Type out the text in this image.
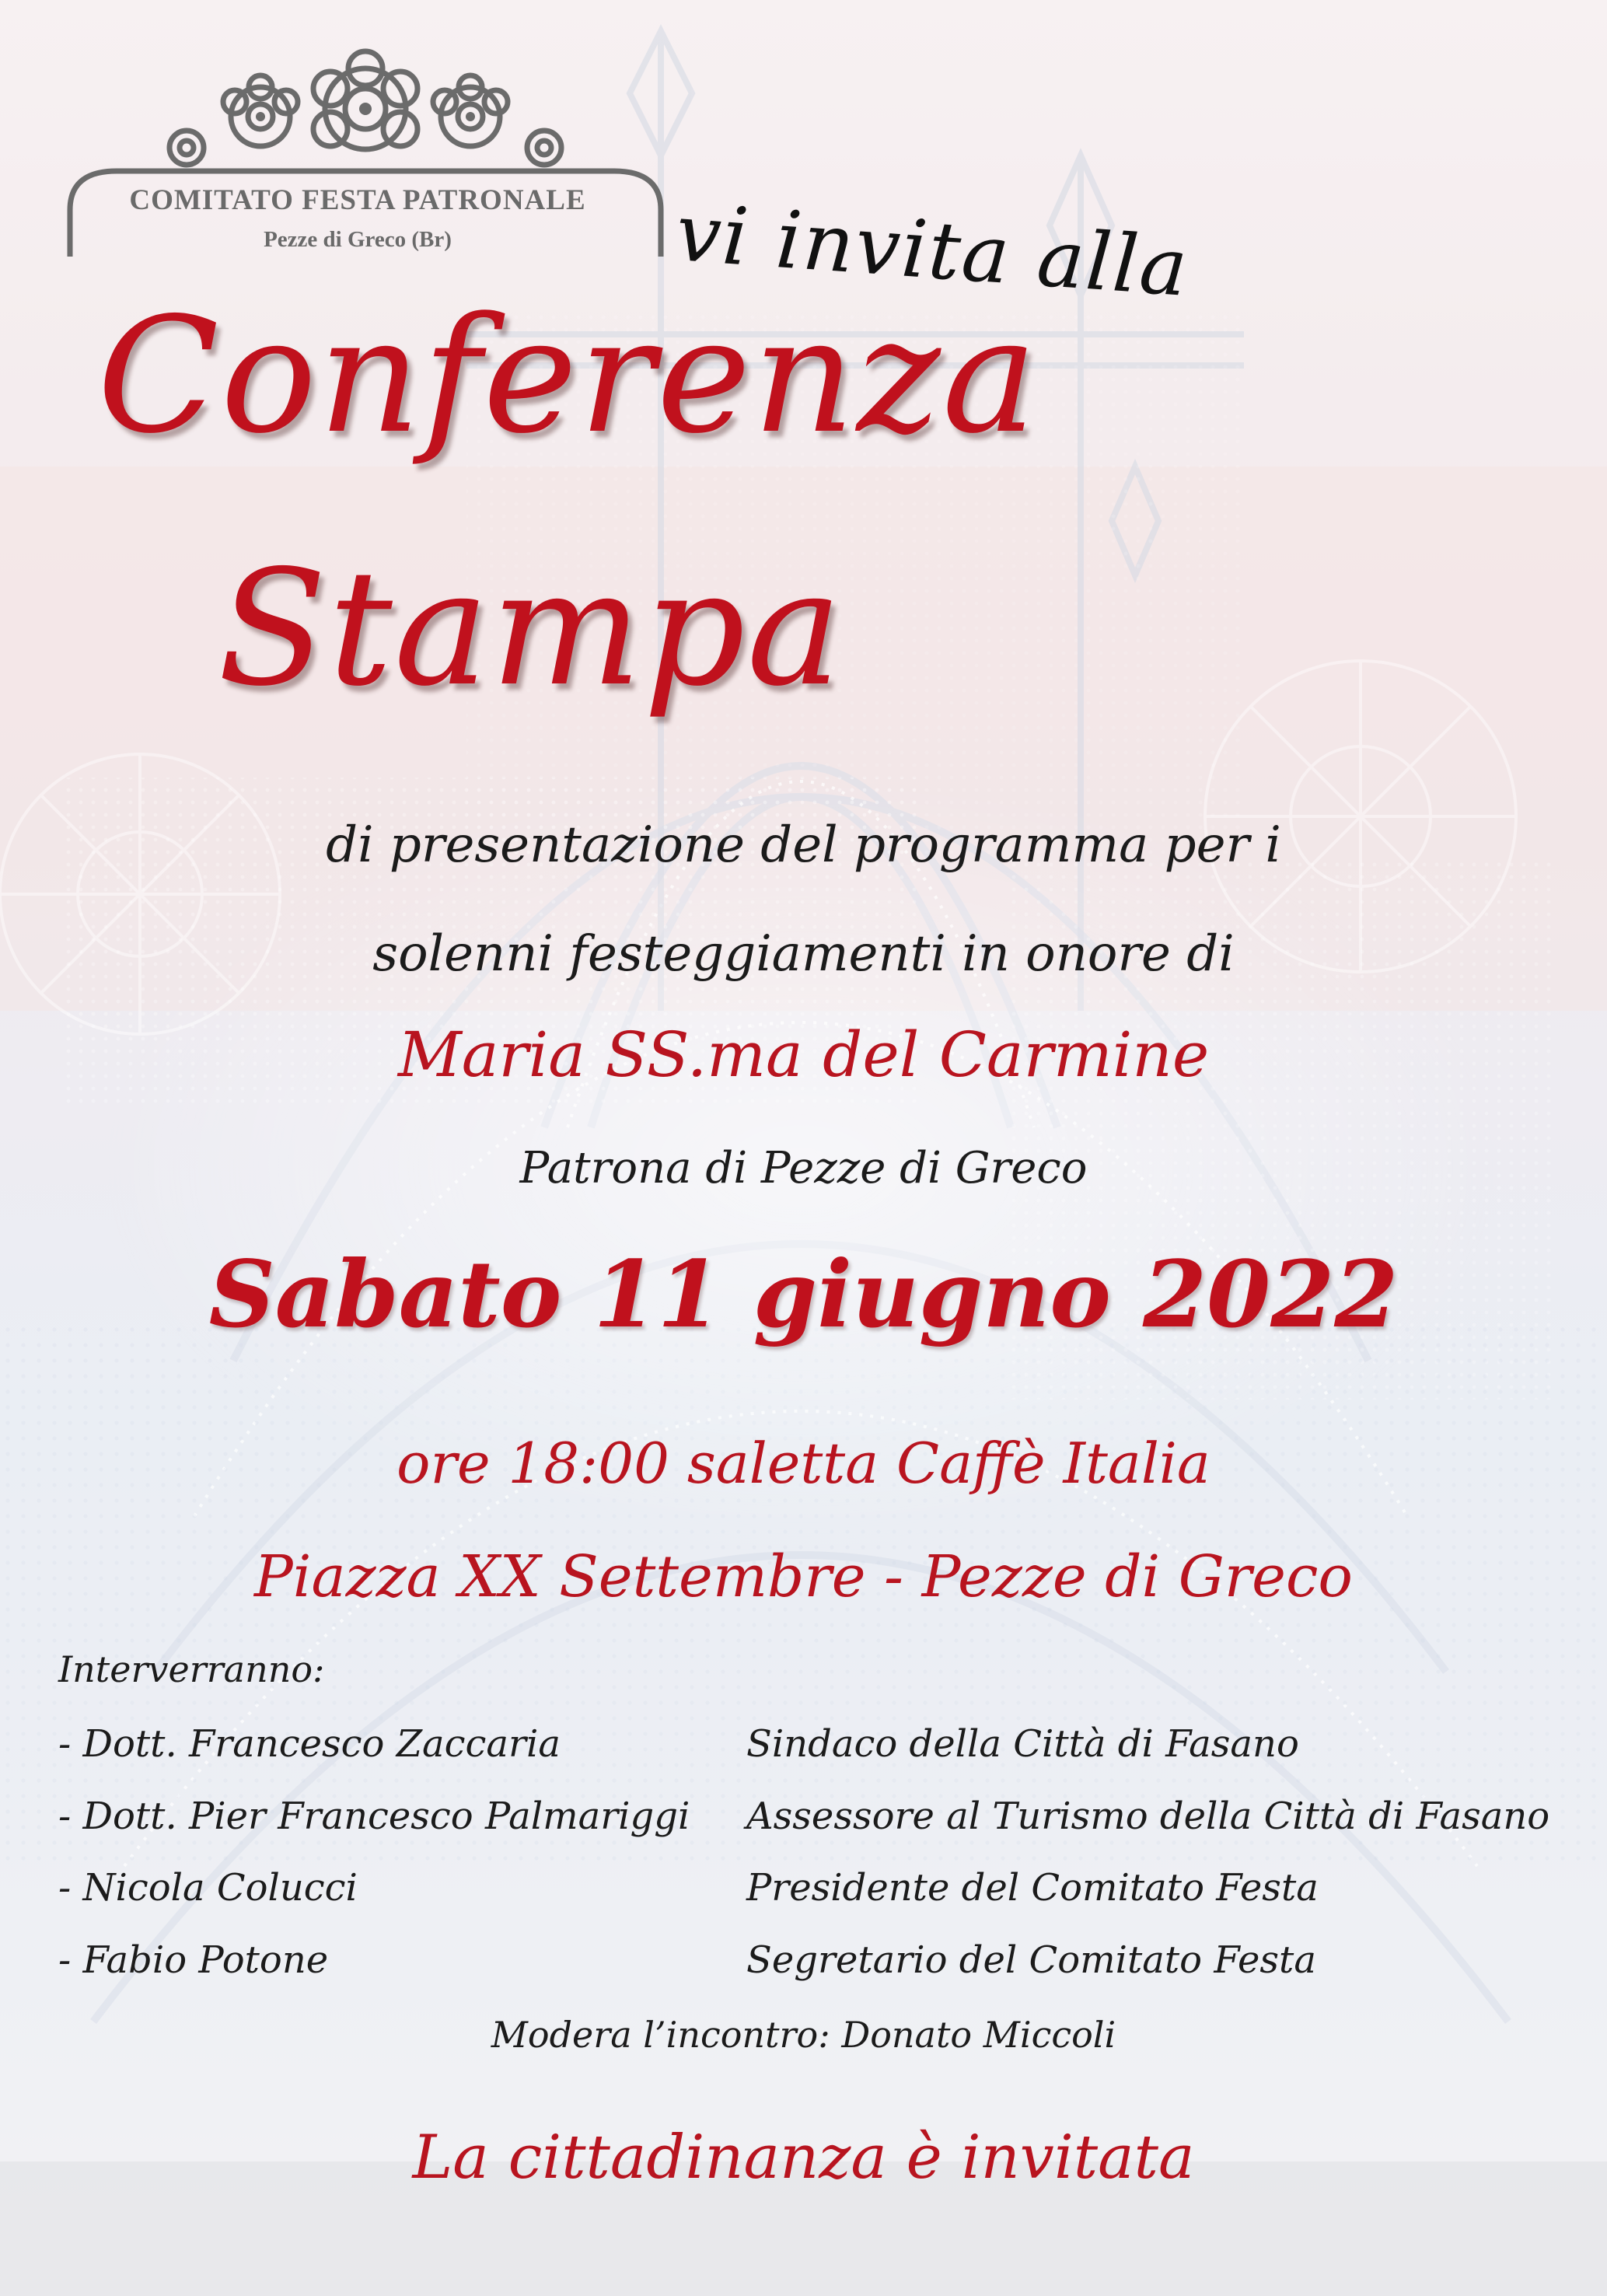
COMITATO FESTA PATRONALE
Pezze di Greco (Br)	vi invita alla
Conferenza
Stampa
di presentazione del programma per i
solenni festeggiamenti in onore di
Maria SS.ma del Carmine
Patrona di Pezze di Greco
Sabato 11 giugno 2022
ore 18:00 saletta Caffè Italia
Piazza XX Settembre - Pezze di Greco
Interverranno:
- Dott. Francesco Zaccaria	Sindaco della Città di Fasano
- Dott. Pier Francesco Palmariggi Assessore al Turismo della Città di Fasano
- Nicola Colucci	Presidente del Comitato Festa
- Fabio Potone	Segretario del Comitato Festa
Modera l’incontro: Donato Miccoli
La cittadinanza è invitata
